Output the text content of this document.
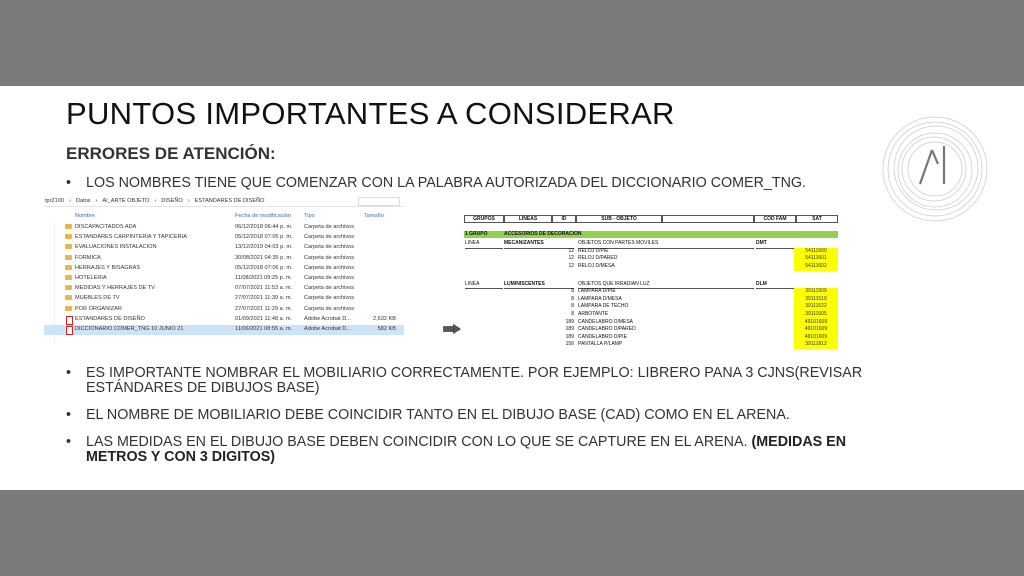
PUNTOS IMPORTANTES A CONSIDERAR
ERRORES DE ATENCIÓN:
• LOS NOMBRES TIENE QUE COMENZAR CON LA PALABRA AUTORIZADA DEL DICCIONARIO COMER_TNG.
tpr2100 › Datos › AI_ARTE OBJETO › DISEÑO › ESTANDARES DE DISEÑO
Nombre	Fecha de modificación Tipo	Tamaño
DISCAPACITADOS ADA	06/12/2018 06:44 p. m. Carpeta de archivos
ESTANDARES CARPINTERIA Y TAPICERIA	05/12/2018 07:05 p. m. Carpeta de archivos
EVALUACIONES INSTALACION	13/12/2019 04:03 p. m. Carpeta de archivos
FORMICA	30/08/2021 04:35 p. m. Carpeta de archivos
HERRAJES Y BISAGRAS	05/12/2018 07:06 p. m. Carpeta de archivos
HOTELERIA	11/08/2021 09:25 p. m. Carpeta de archivos
MEDIDAS Y HERRAJES DE TV	07/07/2021 11:53 a. m. Carpeta de archivos
MUEBLES DE TV	27/07/2021 11:39 a. m. Carpeta de archivos
POR ORGANIZAR	27/07/2021 11:29 a. m. Carpeta de archivos
ESTANDARES DE DISEÑO	01/09/2021 11:48 a. m. Adobe Acrobat D...	2,632 KB
DICCIONARIO COMER_TNG 10 JUNIO 21	11/06/2021 08:55 a. m. Adobe Acrobat D...	582 KB
GRUPOS	LINEAS	ID	SUB - OBJETO	COD FAM	SAT
1 GRUPO	ACCESORIOS DE DECORACION
LINEA	MECANIZANTES	OBJETOS CON PARTES MOVILES	DMT
12 RELOJ D/PIE	54111600
12 RELOJ D/PARED	54111601
12 RELOJ D/MESA	54111602
LINEA	LUMINISCENTES	OBJETOS QUE IRRADIAN LUZ	DLM
8 LAMPARA D/PIE	39111509
8 LAMPARA D/MESA	39111510
8 LAMPARA DE TECHO	39111522
8 ARBOTANTE	39111505
189 CANDELABRO D/MESA	49101609
189 CANDELABRO D/PARED	49101609
189 CANDELABRO D/PIE	49101609
156 PANTALLA P/LAMP	39111812
• ES IMPORTANTE NOMBRAR EL MOBILIARIO CORRECTAMENTE. POR EJEMPLO: LIBRERO PANA 3 CJNS(REVISAR ESTÁNDARES DE DIBUJOS BASE)
• EL NOMBRE DE MOBILIARIO DEBE COINCIDIR TANTO EN EL DIBUJO BASE (CAD) COMO EN EL ARENA.
• LAS MEDIDAS EN EL DIBUJO BASE DEBEN COINCIDIR CON LO QUE SE CAPTURE EN EL ARENA. (MEDIDAS EN METROS Y CON 3 DIGITOS)
